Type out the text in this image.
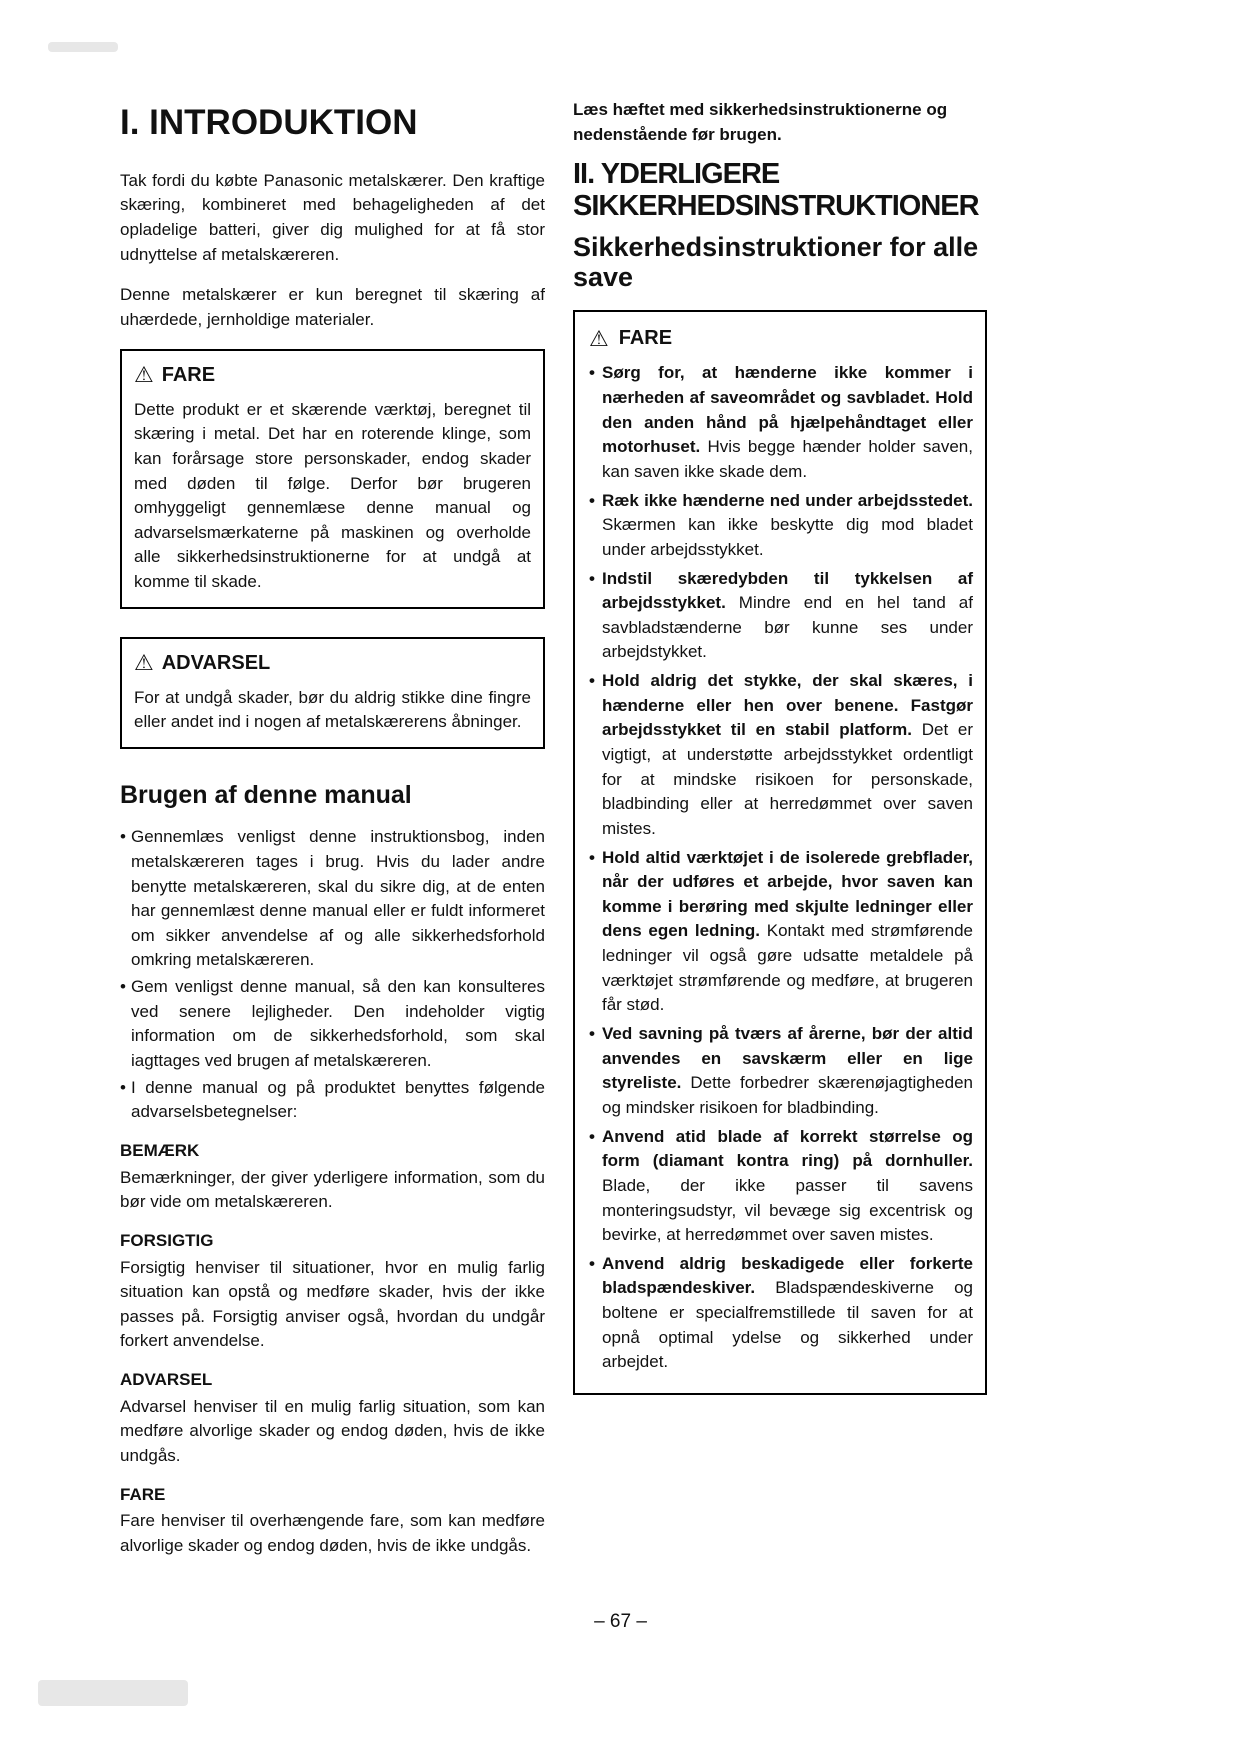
I. INTRODUKTION

Tak fordi du købte Panasonic metalskærer. Den kraftige skæring, kombineret med behageligheden af det opladelige batteri, giver dig mulighed for at få stor udnyttelse af metalskæreren.

Denne metalskærer er kun beregnet til skæring af uhærdede, jernholdige materialer.

⚠ FARE

Dette produkt er et skærende værktøj, beregnet til skæring i metal. Det har en roterende klinge, som kan forårsage store personskader, endog skader med døden til følge. Derfor bør brugeren omhyggeligt gennemlæse denne manual og advarselsmærkaterne på maskinen og overholde alle sikkerhedsinstruktionerne for at undgå at komme til skade.

⚠ ADVARSEL

For at undgå skader, bør du aldrig stikke dine fingre eller andet ind i nogen af metalskærerens åbninger.

Brugen af denne manual
• Gennemlæs venligst denne instruktionsbog, inden metalskæreren tages i brug. Hvis du lader andre benytte metalskæreren, skal du sikre dig, at de enten har gennemlæst denne manual eller er fuldt informeret om sikker anvendelse af og alle sikkerhedsforhold omkring metalskæreren.
• Gem venligst denne manual, så den kan konsulteres ved senere lejligheder. Den indeholder vigtig information om de sikkerhedsforhold, som skal iagttages ved brugen af metalskæreren.
• I denne manual og på produktet benyttes følgende advarselsbetegnelser:

BEMÆRK

Bemærkninger, der giver yderligere information, som du bør vide om metalskæreren.

FORSIGTIG

Forsigtig henviser til situationer, hvor en mulig farlig situation kan opstå og medføre skader, hvis der ikke passes på. Forsigtig anviser også, hvordan du undgår forkert anvendelse.

ADVARSEL

Advarsel henviser til en mulig farlig situation, som kan medføre alvorlige skader og endog døden, hvis de ikke undgås.

FARE

Fare henviser til overhængende fare, som kan medføre alvorlige skader og endog døden, hvis de ikke undgås.

Læs hæftet med sikkerhedsinstruktionerne og nedenstående før brugen.

II. YDERLIGERE SIKKERHEDSINSTRUKTIONER
Sikkerhedsinstruktioner for alle save
⚠ FARE
• Sørg for, at hænderne ikke kommer i nærheden af saveområdet og savbladet. Hold den anden hånd på hjælpehåndtaget eller motorhuset. Hvis begge hænder holder saven, kan saven ikke skade dem.
• Ræk ikke hænderne ned under arbejdsstedet. Skærmen kan ikke beskytte dig mod bladet under arbejdsstykket.
• Indstil skæredybden til tykkelsen af arbejdsstykket. Mindre end en hel tand af savbladstænderne bør kunne ses under arbejdstykket.
• Hold aldrig det stykke, der skal skæres, i hænderne eller hen over benene. Fastgør arbejdsstykket til en stabil platform. Det er vigtigt, at understøtte arbejdsstykket ordentligt for at mindske risikoen for personskade, bladbinding eller at herredømmet over saven mistes.
• Hold altid værktøjet i de isolerede grebflader, når der udføres et arbejde, hvor saven kan komme i berøring med skjulte ledninger eller dens egen ledning. Kontakt med strømførende ledninger vil også gøre udsatte metaldele på værktøjet strømførende og medføre, at brugeren får stød.
• Ved savning på tværs af årerne, bør der altid anvendes en savskærm eller en lige styreliste. Dette forbedrer skærenøjagtigheden og mindsker risikoen for bladbinding.
• Anvend atid blade af korrekt størrelse og form (diamant kontra ring) på dornhuller. Blade, der ikke passer til savens monteringsudstyr, vil bevæge sig excentrisk og bevirke, at herredømmet over saven mistes.
• Anvend aldrig beskadigede eller forkerte bladspændeskiver. Bladspændeskiverne og boltene er specialfremstillede til saven for at opnå optimal ydelse og sikkerhed under arbejdet.
– 67 –
